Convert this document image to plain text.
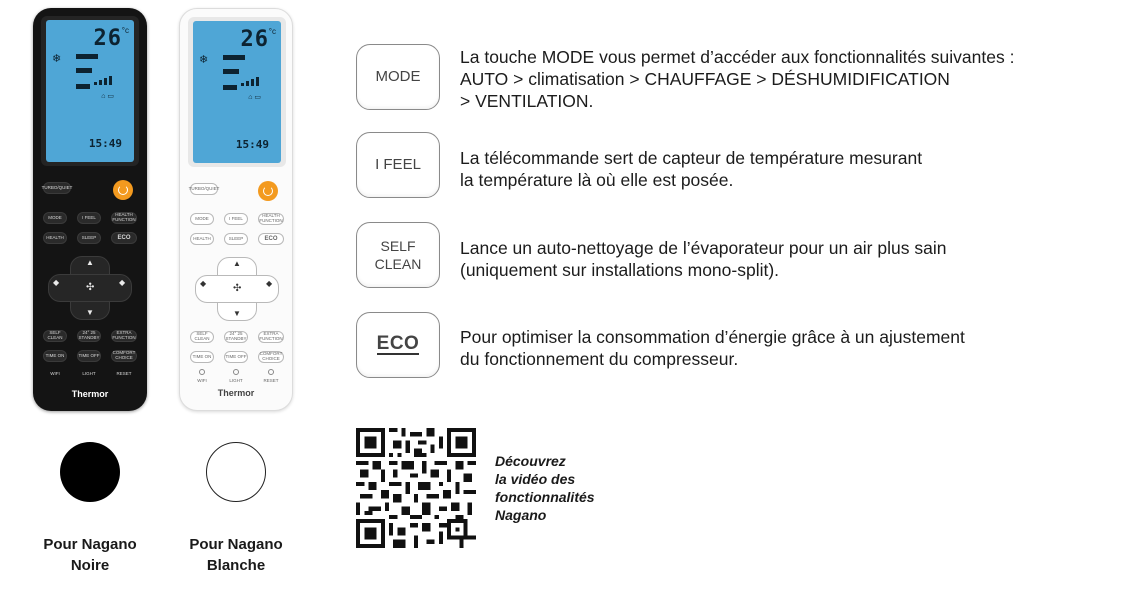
26 °c
❄
⌂ ▭
15:49
TURBO/QUIET
MODE	I FEEL	HEALTH FUNCTION
HEALTH	SLEEP	ECO
▲
▼
◆	◆
✣
SELF CLEAN
24° 25 STANDBY
EXTRA FUNCTION
TIME ON	TIME OFF	COMFORT CHOICE
WIFI	LIGHT	RESET
Thermor
26 °c
❄
⌂ ▭
15:49
TURBO/QUIET
MODE	I FEEL	HEALTH FUNCTION
HEALTH	SLEEP	ECO
▲
▼
◆	◆
✣
SELF CLEAN
24° 25 STANDBY
EXTRA FUNCTION
TIME ON	TIME OFF	COMFORT CHOICE
WIFI	LIGHT	RESET
Thermor
Pour Nagano
Noire
Pour Nagano
Blanche
MODE
La touche MODE vous permet d’accéder aux fonctionnalités suivantes :
AUTO > climatisation > CHAUFFAGE > DÉSHUMIDIFICATION
> VENTILATION.
I FEEL La télécommande sert de capteur de température mesurant
la température là où elle est posée.
SELF
CLEAN
Lance un auto-nettoyage de l’évaporateur pour un air plus sain
(uniquement sur installations mono-split).
ECO Pour optimiser la consommation d’énergie grâce à un ajustement
du fonctionnement du compresseur.
Découvrez
la vidéo des
fonctionnalités
Nagano
